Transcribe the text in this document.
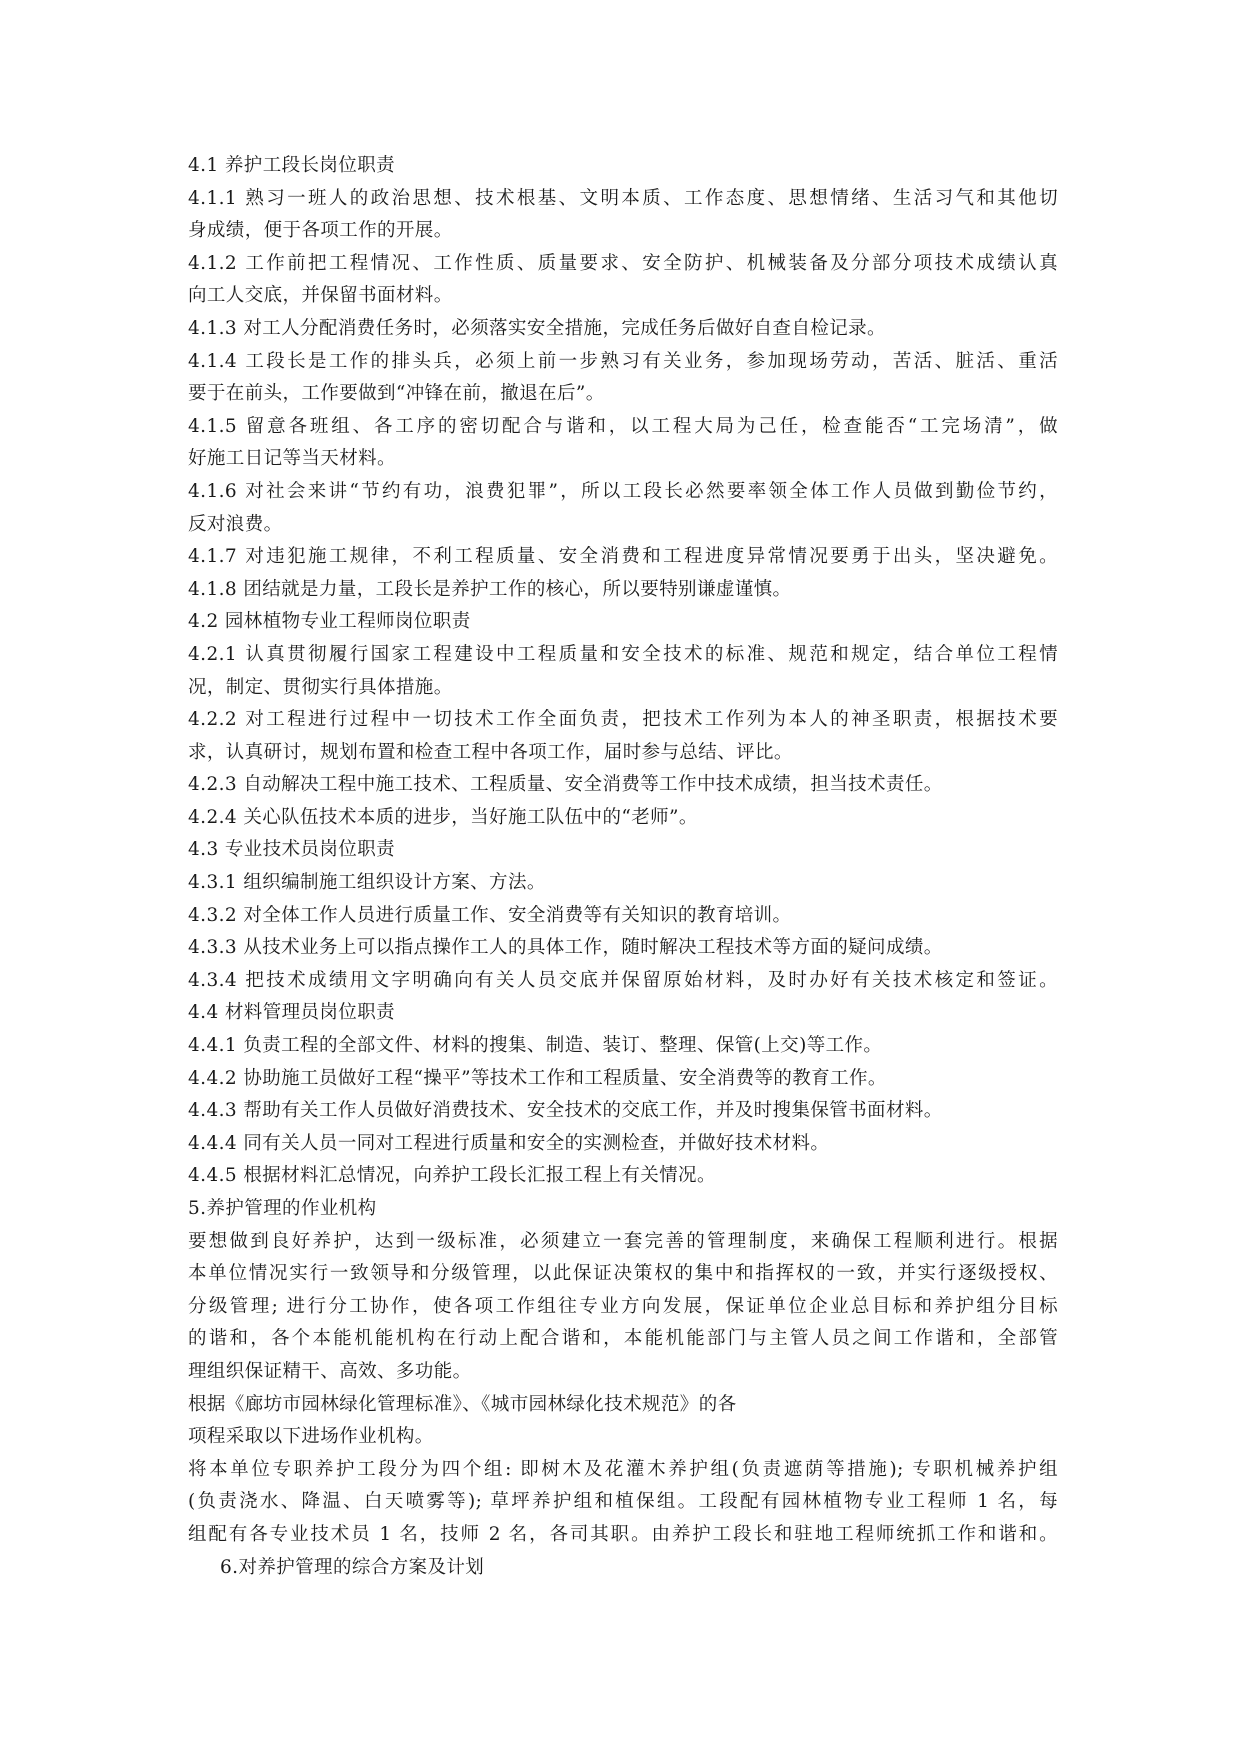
4.1 养护工段长岗位职责
4.1.1 熟习一班人的政治思想、技术根基、文明本质、工作态度、思想情绪、生活习气和其他切
身成绩，便于各项工作的开展。
4.1.2 工作前把工程情况、工作性质、质量要求、安全防护、机械装备及分部分项技术成绩认真
向工人交底，并保留书面材料。
4.1.3 对工人分配消费任务时，必须落实安全措施，完成任务后做好自查自检记录。
4.1.4 工段长是工作的排头兵，必须上前一步熟习有关业务，参加现场劳动，苦活、脏活、重活
要于在前头，工作要做到“冲锋在前，撤退在后”。
4.1.5 留意各班组、各工序的密切配合与谐和，以工程大局为己任，检查能否“工完场清”，做
好施工日记等当天材料。
4.1.6 对社会来讲“节约有功，浪费犯罪”，所以工段长必然要率领全体工作人员做到勤俭节约，
反对浪费。
4.1.7 对违犯施工规律，不利工程质量、安全消费和工程进度异常情况要勇于出头，坚决避免。
4.1.8 团结就是力量，工段长是养护工作的核心，所以要特别谦虚谨慎。
4.2 园林植物专业工程师岗位职责
4.2.1 认真贯彻履行国家工程建设中工程质量和安全技术的标准、规范和规定，结合单位工程情
况，制定、贯彻实行具体措施。
4.2.2 对工程进行过程中一切技术工作全面负责，把技术工作列为本人的神圣职责，根据技术要
求，认真研讨，规划布置和检查工程中各项工作，届时参与总结、评比。
4.2.3 自动解决工程中施工技术、工程质量、安全消费等工作中技术成绩，担当技术责任。
4.2.4 关心队伍技术本质的进步，当好施工队伍中的“老师”。
4.3 专业技术员岗位职责
4.3.1 组织编制施工组织设计方案、方法。
4.3.2 对全体工作人员进行质量工作、安全消费等有关知识的教育培训。
4.3.3 从技术业务上可以指点操作工人的具体工作，随时解决工程技术等方面的疑问成绩。
4.3.4 把技术成绩用文字明确向有关人员交底并保留原始材料，及时办好有关技术核定和签证。
4.4 材料管理员岗位职责
4.4.1 负责工程的全部文件、材料的搜集、制造、装订、整理、保管(上交)等工作。
4.4.2 协助施工员做好工程“操平”等技术工作和工程质量、安全消费等的教育工作。
4.4.3 帮助有关工作人员做好消费技术、安全技术的交底工作，并及时搜集保管书面材料。
4.4.4 同有关人员一同对工程进行质量和安全的实测检查，并做好技术材料。
4.4.5 根据材料汇总情况，向养护工段长汇报工程上有关情况。
5.养护管理的作业机构
要想做到良好养护，达到一级标准，必须建立一套完善的管理制度，来确保工程顺利进行。根据
本单位情况实行一致领导和分级管理，以此保证决策权的集中和指挥权的一致，并实行逐级授权、
分级管理; 进行分工协作，使各项工作组往专业方向发展，保证单位企业总目标和养护组分目标
的谐和，各个本能机能机构在行动上配合谐和，本能机能部门与主管人员之间工作谐和，全部管
理组织保证精干、高效、多功能。
根据《廊坊市园林绿化管理标准》、《城市园林绿化技术规范》的各
项程采取以下进场作业机构。
将本单位专职养护工段分为四个组: 即树木及花灌木养护组(负责遮荫等措施); 专职机械养护组
(负责浇水、降温、白天喷雾等); 草坪养护组和植保组。工段配有园林植物专业工程师 1 名，每
组配有各专业技术员 1 名，技师 2 名，各司其职。由养护工段长和驻地工程师统抓工作和谐和。
6.对养护管理的综合方案及计划
